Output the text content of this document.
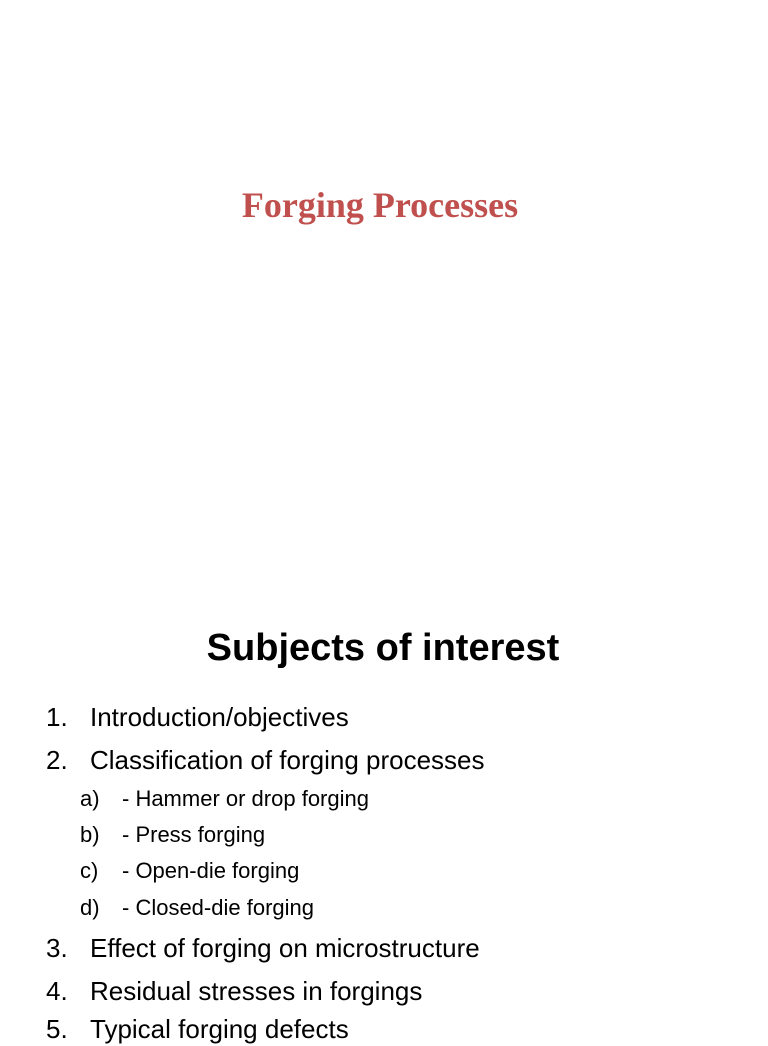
Forging Processes
Subjects of interest
1. Introduction/objectives
2. Classification of forging processes
a)	- Hammer or drop forging
b)	- Press forging
c)	- Open-die forging
d)	- Closed-die forging
3. Effect of forging on microstructure
4. Residual stresses in forgings
5. Typical forging defects
